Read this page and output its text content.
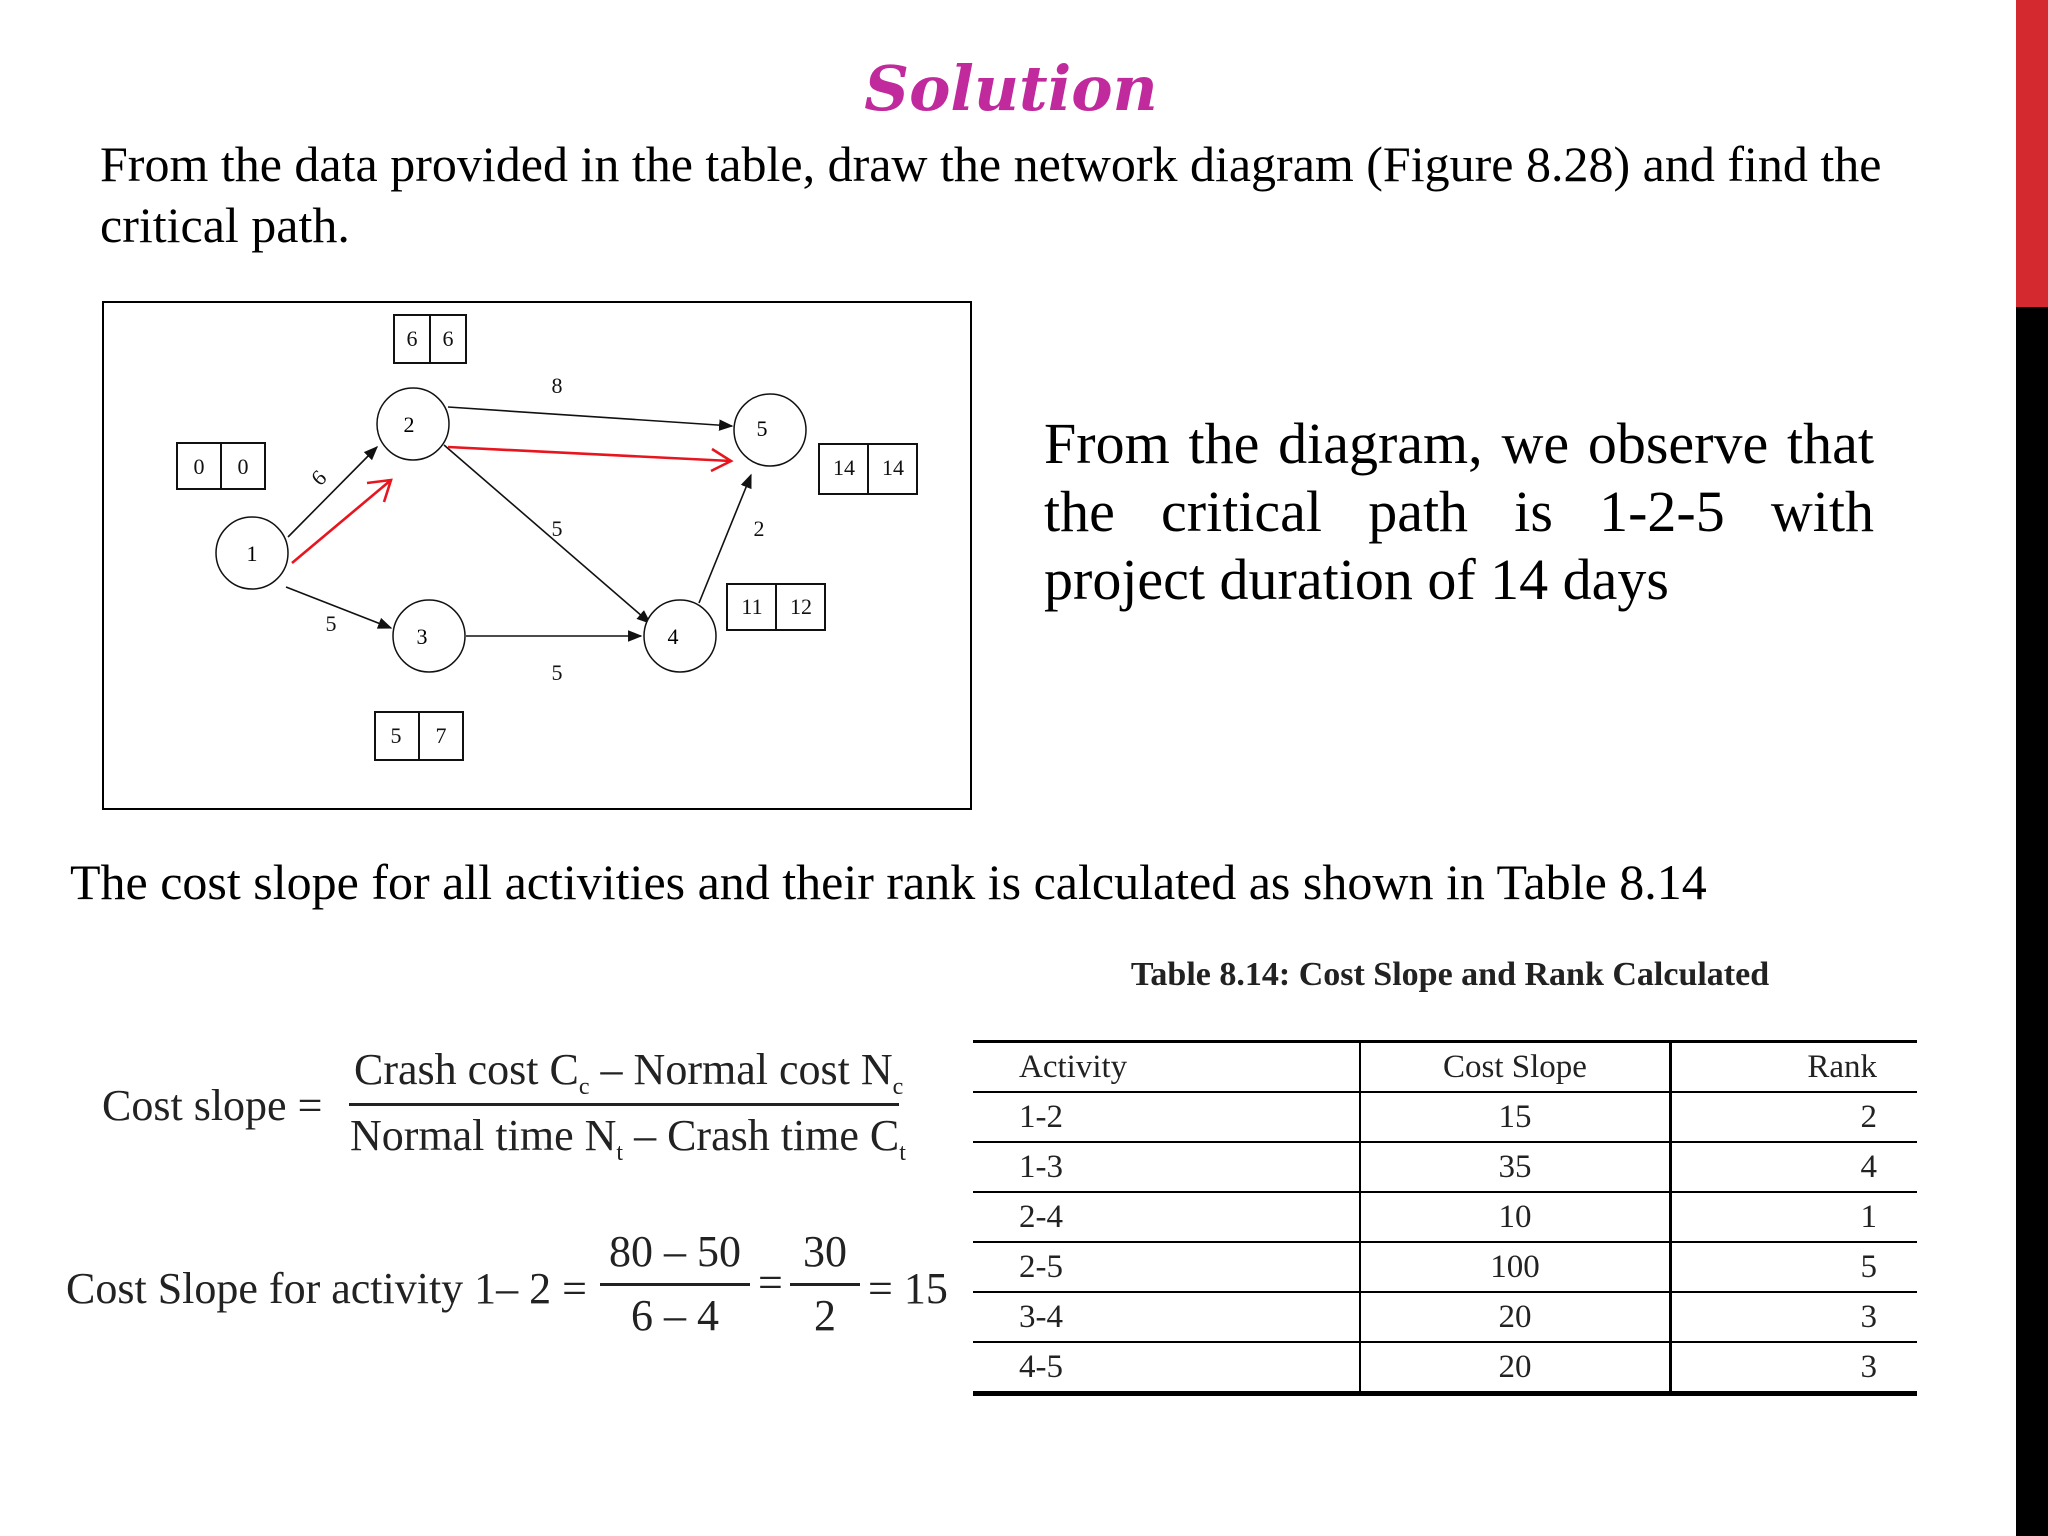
Solution
From the data provided in the table, draw the network diagram (Figure 8.28) and find the critical path.
1
2
3	4
5
6
5
8
5
5
2
0 0
6 6
5 7
11 12
14 14 From the diagram, we observe that the critical path is 1-2-5 with project duration of 14 days
The cost slope for all activities and their rank is calculated as shown in Table 8.14
Cost slope =
Crash cost $C_c$ – Normal cost $N_c$
Normal time $N_t$ – Crash time $C_t$
Cost Slope for activity 1– 2 =
80 – 50
6 – 4
=
30
2
= 15
Table 8.14: Cost Slope and Rank Calculated
Activity	Cost Slope	Rank
1-2	15	2
1-3	35	4
2-4	10	1
2-5	100	5
3-4	20	3
4-5	20	3
